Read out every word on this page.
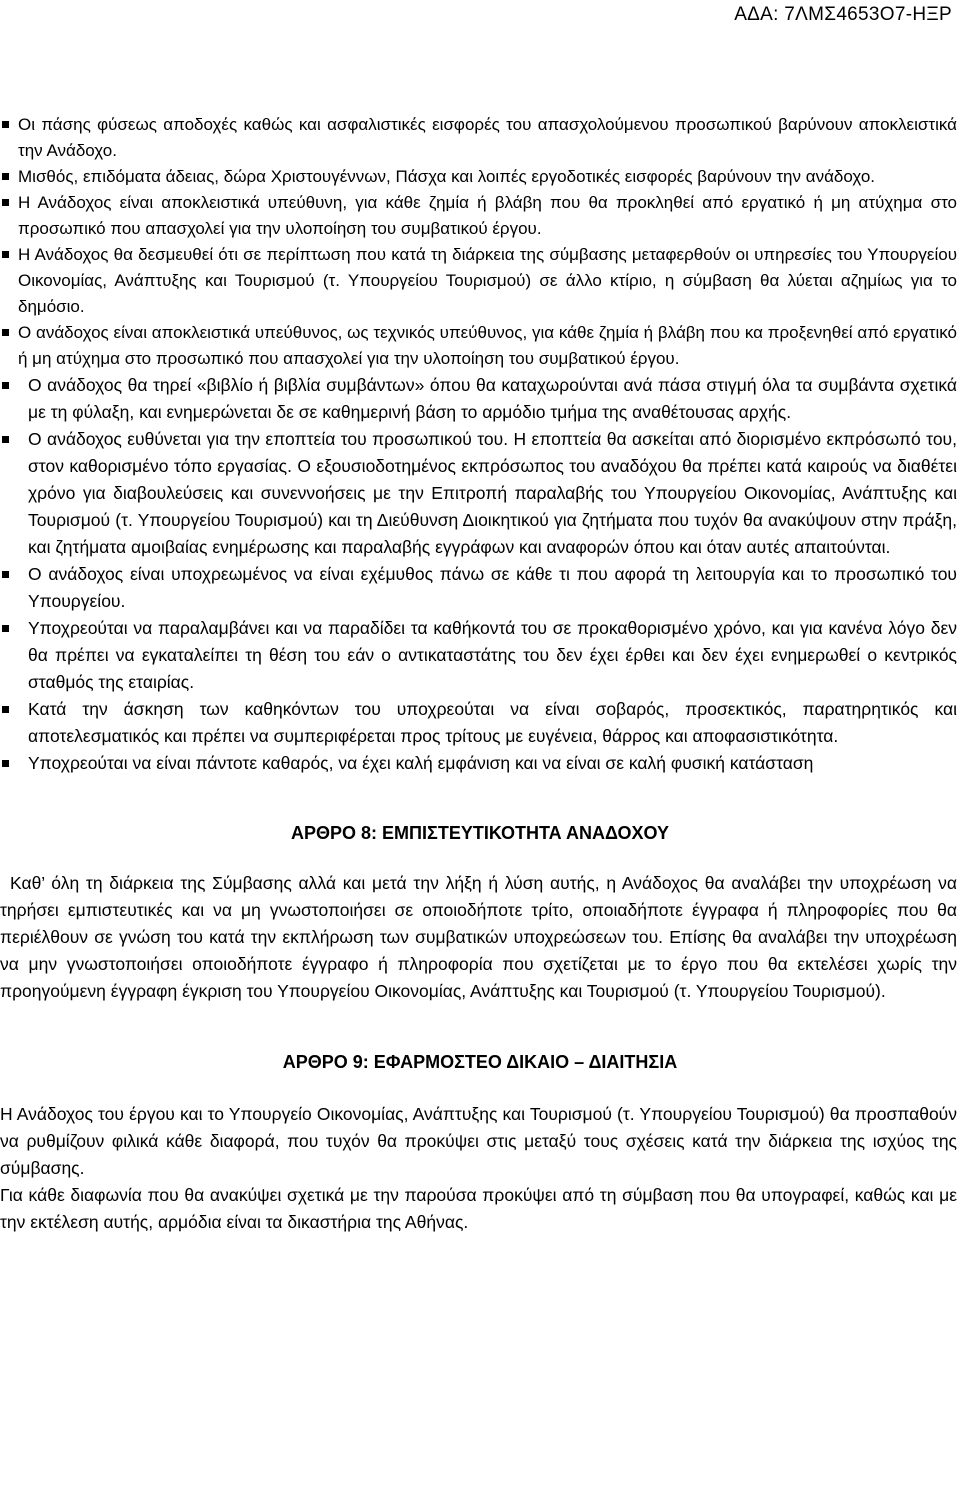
ΑΔΑ: 7ΛΜΣ4653Ο7-ΗΞΡ
Οι πάσης φύσεως αποδοχές καθώς και ασφαλιστικές εισφορές του απασχολούμενου προσωπικού βαρύνουν αποκλειστικά την Ανάδοχο.
Μισθός, επιδόματα άδειας, δώρα Χριστουγέννων, Πάσχα και λοιπές εργοδοτικές εισφορές βαρύνουν την ανάδοχο.
Η Ανάδοχος είναι αποκλειστικά υπεύθυνη, για κάθε ζημία ή βλάβη που θα προκληθεί από εργατικό ή μη ατύχημα στο προσωπικό που απασχολεί για την υλοποίηση του συμβατικού έργου.
Η Ανάδοχος θα δεσμευθεί ότι σε περίπτωση που κατά τη διάρκεια της σύμβασης μεταφερθούν οι υπηρεσίες του Υπουργείου Οικονομίας, Ανάπτυξης και Τουρισμού (τ. Υπουργείου Τουρισμού) σε άλλο κτίριο, η σύμβαση θα λύεται αζημίως για το δημόσιο.
Ο ανάδοχος είναι αποκλειστικά υπεύθυνος, ως τεχνικός υπεύθυνος, για κάθε ζημία ή βλάβη που κα προξενηθεί από εργατικό ή μη ατύχημα στο προσωπικό που απασχολεί για την υλοποίηση του συμβατικού έργου.
Ο ανάδοχος θα τηρεί «βιβλίο ή βιβλία συμβάντων» όπου θα καταχωρούνται ανά πάσα στιγμή όλα τα συμβάντα σχετικά με τη φύλαξη, και ενημερώνεται δε σε καθημερινή βάση το αρμόδιο τμήμα της αναθέτουσας αρχής.
Ο ανάδοχος ευθύνεται για την εποπτεία του προσωπικού του. Η εποπτεία θα ασκείται από διορισμένο εκπρόσωπό του, στον καθορισμένο τόπο εργασίας. Ο εξουσιοδοτημένος εκπρόσωπος του αναδόχου θα πρέπει κατά καιρούς να διαθέτει χρόνο για διαβουλεύσεις και συνεννοήσεις με την Επιτροπή παραλαβής του Υπουργείου Οικονομίας, Ανάπτυξης και Τουρισμού (τ. Υπουργείου Τουρισμού) και τη Διεύθυνση Διοικητικού για ζητήματα που τυχόν θα ανακύψουν στην πράξη, και ζητήματα αμοιβαίας ενημέρωσης και παραλαβής εγγράφων και αναφορών όπου και όταν αυτές απαιτούνται.
Ο ανάδοχος είναι υποχρεωμένος να είναι εχέμυθος πάνω σε κάθε τι που αφορά τη λειτουργία και το προσωπικό του Υπουργείου.
Υποχρεούται να παραλαμβάνει και να παραδίδει τα καθήκοντά του σε προκαθορισμένο χρόνο, και για κανένα λόγο δεν θα πρέπει να εγκαταλείπει τη θέση του εάν ο αντικαταστάτης του δεν έχει έρθει και δεν έχει ενημερωθεί ο κεντρικός σταθμός της εταιρίας.
Κατά την άσκηση των καθηκόντων του υποχρεούται να είναι σοβαρός, προσεκτικός, παρατηρητικός και αποτελεσματικός και πρέπει να συμπεριφέρεται προς τρίτους με ευγένεια, θάρρος και αποφασιστικότητα.
Υποχρεούται να είναι πάντοτε καθαρός, να έχει καλή εμφάνιση και να είναι σε καλή φυσική κατάσταση
ΑΡΘΡΟ 8: ΕΜΠΙΣΤΕΥΤΙΚΟΤΗΤΑ ΑΝΑΔΟΧΟΥ

Καθ’ όλη τη διάρκεια της Σύμβασης αλλά και μετά την λήξη ή λύση αυτής, η Ανάδοχος θα αναλάβει την υποχρέωση να τηρήσει εμπιστευτικές και να μη γνωστοποιήσει σε οποιοδήποτε τρίτο, οποιαδήποτε έγγραφα ή πληροφορίες που θα περιέλθουν σε γνώση του κατά την εκπλήρωση των συμβατικών υποχρεώσεων του. Επίσης θα αναλάβει την υποχρέωση να μην γνωστοποιήσει οποιοδήποτε έγγραφο ή πληροφορία που σχετίζεται με το έργο που θα εκτελέσει χωρίς την προηγούμενη έγγραφη έγκριση του Υπουργείου Οικονομίας, Ανάπτυξης και Τουρισμού (τ. Υπουργείου Τουρισμού).

ΑΡΘΡΟ 9: ΕΦΑΡΜΟΣΤΕΟ ΔΙΚΑΙΟ – ΔΙΑΙΤΗΣΙΑ

Η Ανάδοχος του έργου και το Υπουργείο Οικονομίας, Ανάπτυξης και Τουρισμού (τ. Υπουργείου Τουρισμού) θα προσπαθούν να ρυθμίζουν φιλικά κάθε διαφορά, που τυχόν θα προκύψει στις μεταξύ τους σχέσεις κατά την διάρκεια της ισχύος της σύμβασης.

Για κάθε διαφωνία που θα ανακύψει σχετικά με την παρούσα προκύψει από τη σύμβαση που θα υπογραφεί, καθώς και με την εκτέλεση αυτής, αρμόδια είναι τα δικαστήρια της Αθήνας.
